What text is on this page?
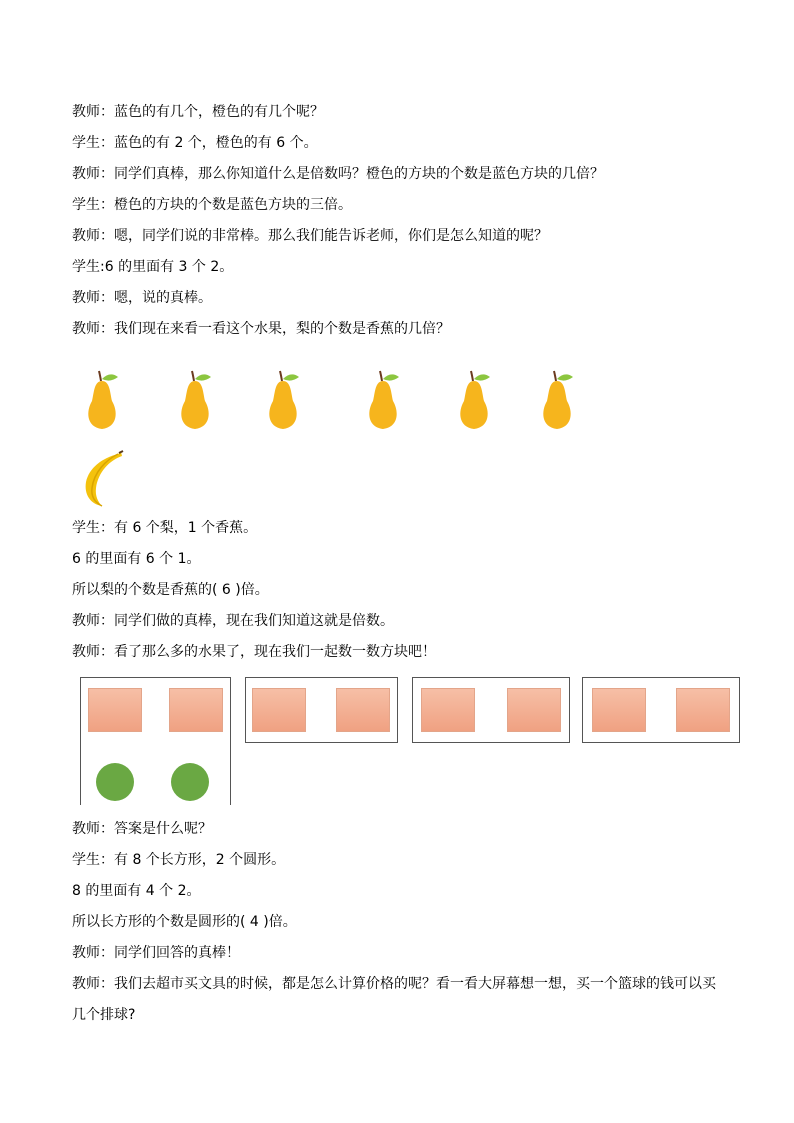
教师：蓝色的有几个，橙色的有几个呢？
学生：蓝色的有 2 个，橙色的有 6 个。
教师：同学们真棒，那么你知道什么是倍数吗？橙色的方块的个数是蓝色方块的几倍？
学生：橙色的方块的个数是蓝色方块的三倍。
教师：嗯，同学们说的非常棒。那么我们能告诉老师，你们是怎么知道的呢？
学生:6 的里面有 3 个 2。
教师：嗯，说的真棒。
教师：我们现在来看一看这个水果，梨的个数是香蕉的几倍？
学生：有 6 个梨，1 个香蕉。
6 的里面有 6 个 1。
所以梨的个数是香蕉的( 6 )倍。
教师：同学们做的真棒，现在我们知道这就是倍数。
教师：看了那么多的水果了，现在我们一起数一数方块吧！
教师：答案是什么呢？
学生：有 8 个长方形，2 个圆形。
8 的里面有 4 个 2。
所以长方形的个数是圆形的( 4 )倍。
教师：同学们回答的真棒！
教师：我们去超市买文具的时候，都是怎么计算价格的呢？看一看大屏幕想一想，买一个篮球的钱可以买
几个排球?
